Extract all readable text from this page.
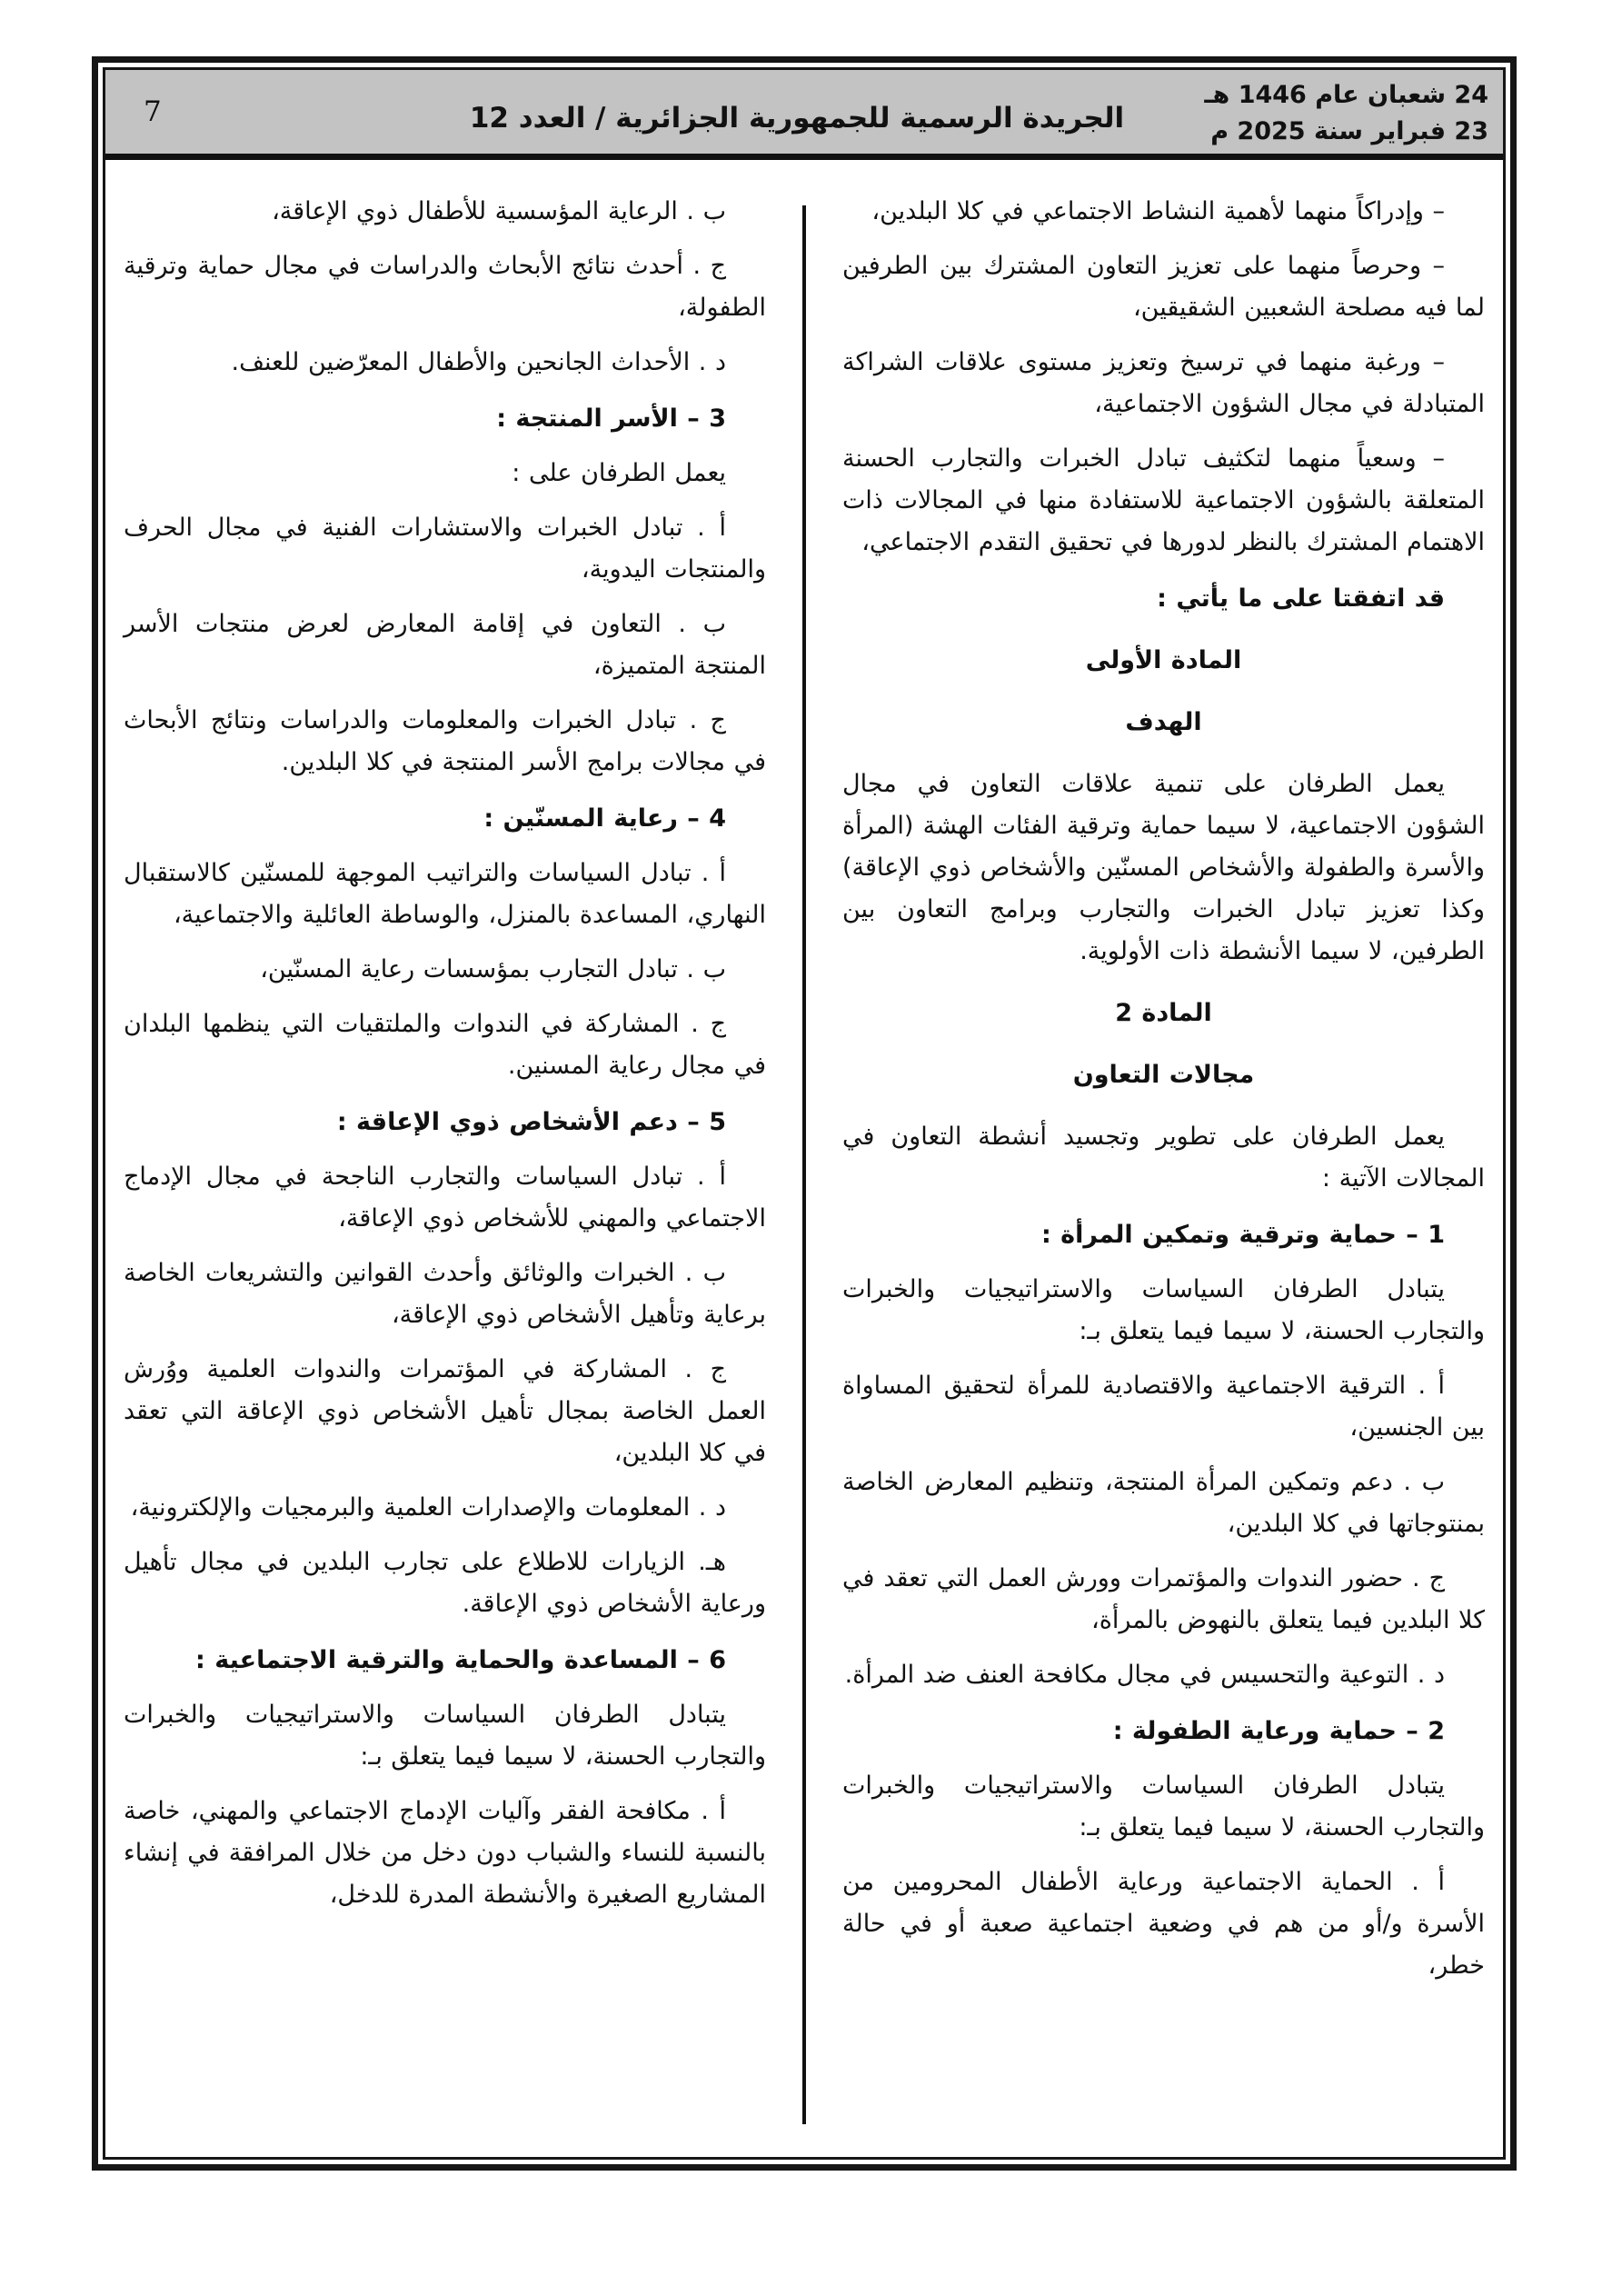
24 شعبان عام 1446 هـ
23 فبراير سنة 2025 م
الجريدة الرسمية للجمهورية الجزائرية / العدد 12
7

– وإدراكاً منهما لأهمية النشاط الاجتماعي في كلا البلدين،

– وحرصاً منهما على تعزيز التعاون المشترك بين الطرفين لما فيه مصلحة الشعبين الشقيقين،

– ورغبة منهما في ترسيخ وتعزيز مستوى علاقات الشراكة المتبادلة في مجال الشؤون الاجتماعية،

– وسعياً منهما لتكثيف تبادل الخبرات والتجارب الحسنة المتعلقة بالشؤون الاجتماعية للاستفادة منها في المجالات ذات الاهتمام المشترك بالنظر لدورها في تحقيق التقدم الاجتماعي،

قد اتفقتا على ما يأتي :

المادة الأولى

الهدف

يعمل الطرفان على تنمية علاقات التعاون في مجال الشؤون الاجتماعية، لا سيما حماية وترقية الفئات الهشة (المرأة والأسرة والطفولة والأشخاص المسنّين والأشخاص ذوي الإعاقة) وكذا تعزيز تبادل الخبرات والتجارب وبرامج التعاون بين الطرفين، لا سيما الأنشطة ذات الأولوية.

المادة 2

مجالات التعاون

يعمل الطرفان على تطوير وتجسيد أنشطة التعاون في المجالات الآتية :

1 – حماية وترقية وتمكين المرأة :

يتبادل الطرفان السياسات والاستراتيجيات والخبرات والتجارب الحسنة، لا سيما فيما يتعلق بـ:

أ . الترقية الاجتماعية والاقتصادية للمرأة لتحقيق المساواة بين الجنسين،

ب . دعم وتمكين المرأة المنتجة، وتنظيم المعارض الخاصة بمنتوجاتها في كلا البلدين،

ج . حضور الندوات والمؤتمرات وورش العمل التي تعقد في كلا البلدين فيما يتعلق بالنهوض بالمرأة،

د . التوعية والتحسيس في مجال مكافحة العنف ضد المرأة.

2 – حماية ورعاية الطفولة :

يتبادل الطرفان السياسات والاستراتيجيات والخبرات والتجارب الحسنة، لا سيما فيما يتعلق بـ:

أ . الحماية الاجتماعية ورعاية الأطفال المحرومين من الأسرة و/أو من هم في وضعية اجتماعية صعبة أو في حالة خطر،

ب . الرعاية المؤسسية للأطفال ذوي الإعاقة،

ج . أحدث نتائج الأبحاث والدراسات في مجال حماية وترقية الطفولة،

د . الأحداث الجانحين والأطفال المعرّضين للعنف.

3 – الأسر المنتجة :

يعمل الطرفان على :

أ . تبادل الخبرات والاستشارات الفنية في مجال الحرف والمنتجات اليدوية،

ب . التعاون في إقامة المعارض لعرض منتجات الأسر المنتجة المتميزة،

ج . تبادل الخبرات والمعلومات والدراسات ونتائج الأبحاث في مجالات برامج الأسر المنتجة في كلا البلدين.

4 – رعاية المسنّين :

أ . تبادل السياسات والتراتيب الموجهة للمسنّين كالاستقبال النهاري، المساعدة بالمنزل، والوساطة العائلية والاجتماعية،

ب . تبادل التجارب بمؤسسات رعاية المسنّين،

ج . المشاركة في الندوات والملتقيات التي ينظمها البلدان في مجال رعاية المسنين.

5 – دعم الأشخاص ذوي الإعاقة :

أ . تبادل السياسات والتجارب الناجحة في مجال الإدماج الاجتماعي والمهني للأشخاص ذوي الإعاقة،

ب . الخبرات والوثائق وأحدث القوانين والتشريعات الخاصة برعاية وتأهيل الأشخاص ذوي الإعاقة،

ج . المشاركة في المؤتمرات والندوات العلمية ووُرش العمل الخاصة بمجال تأهيل الأشخاص ذوي الإعاقة التي تعقد في كلا البلدين،

د . المعلومات والإصدارات العلمية والبرمجيات والإلكترونية،

هـ. الزيارات للاطلاع على تجارب البلدين في مجال تأهيل ورعاية الأشخاص ذوي الإعاقة.

6 – المساعدة والحماية والترقية الاجتماعية :

يتبادل الطرفان السياسات والاستراتيجيات والخبرات والتجارب الحسنة، لا سيما فيما يتعلق بـ:

أ . مكافحة الفقر وآليات الإدماج الاجتماعي والمهني، خاصة بالنسبة للنساء والشباب دون دخل من خلال المرافقة في إنشاء المشاريع الصغيرة والأنشطة المدرة للدخل،
